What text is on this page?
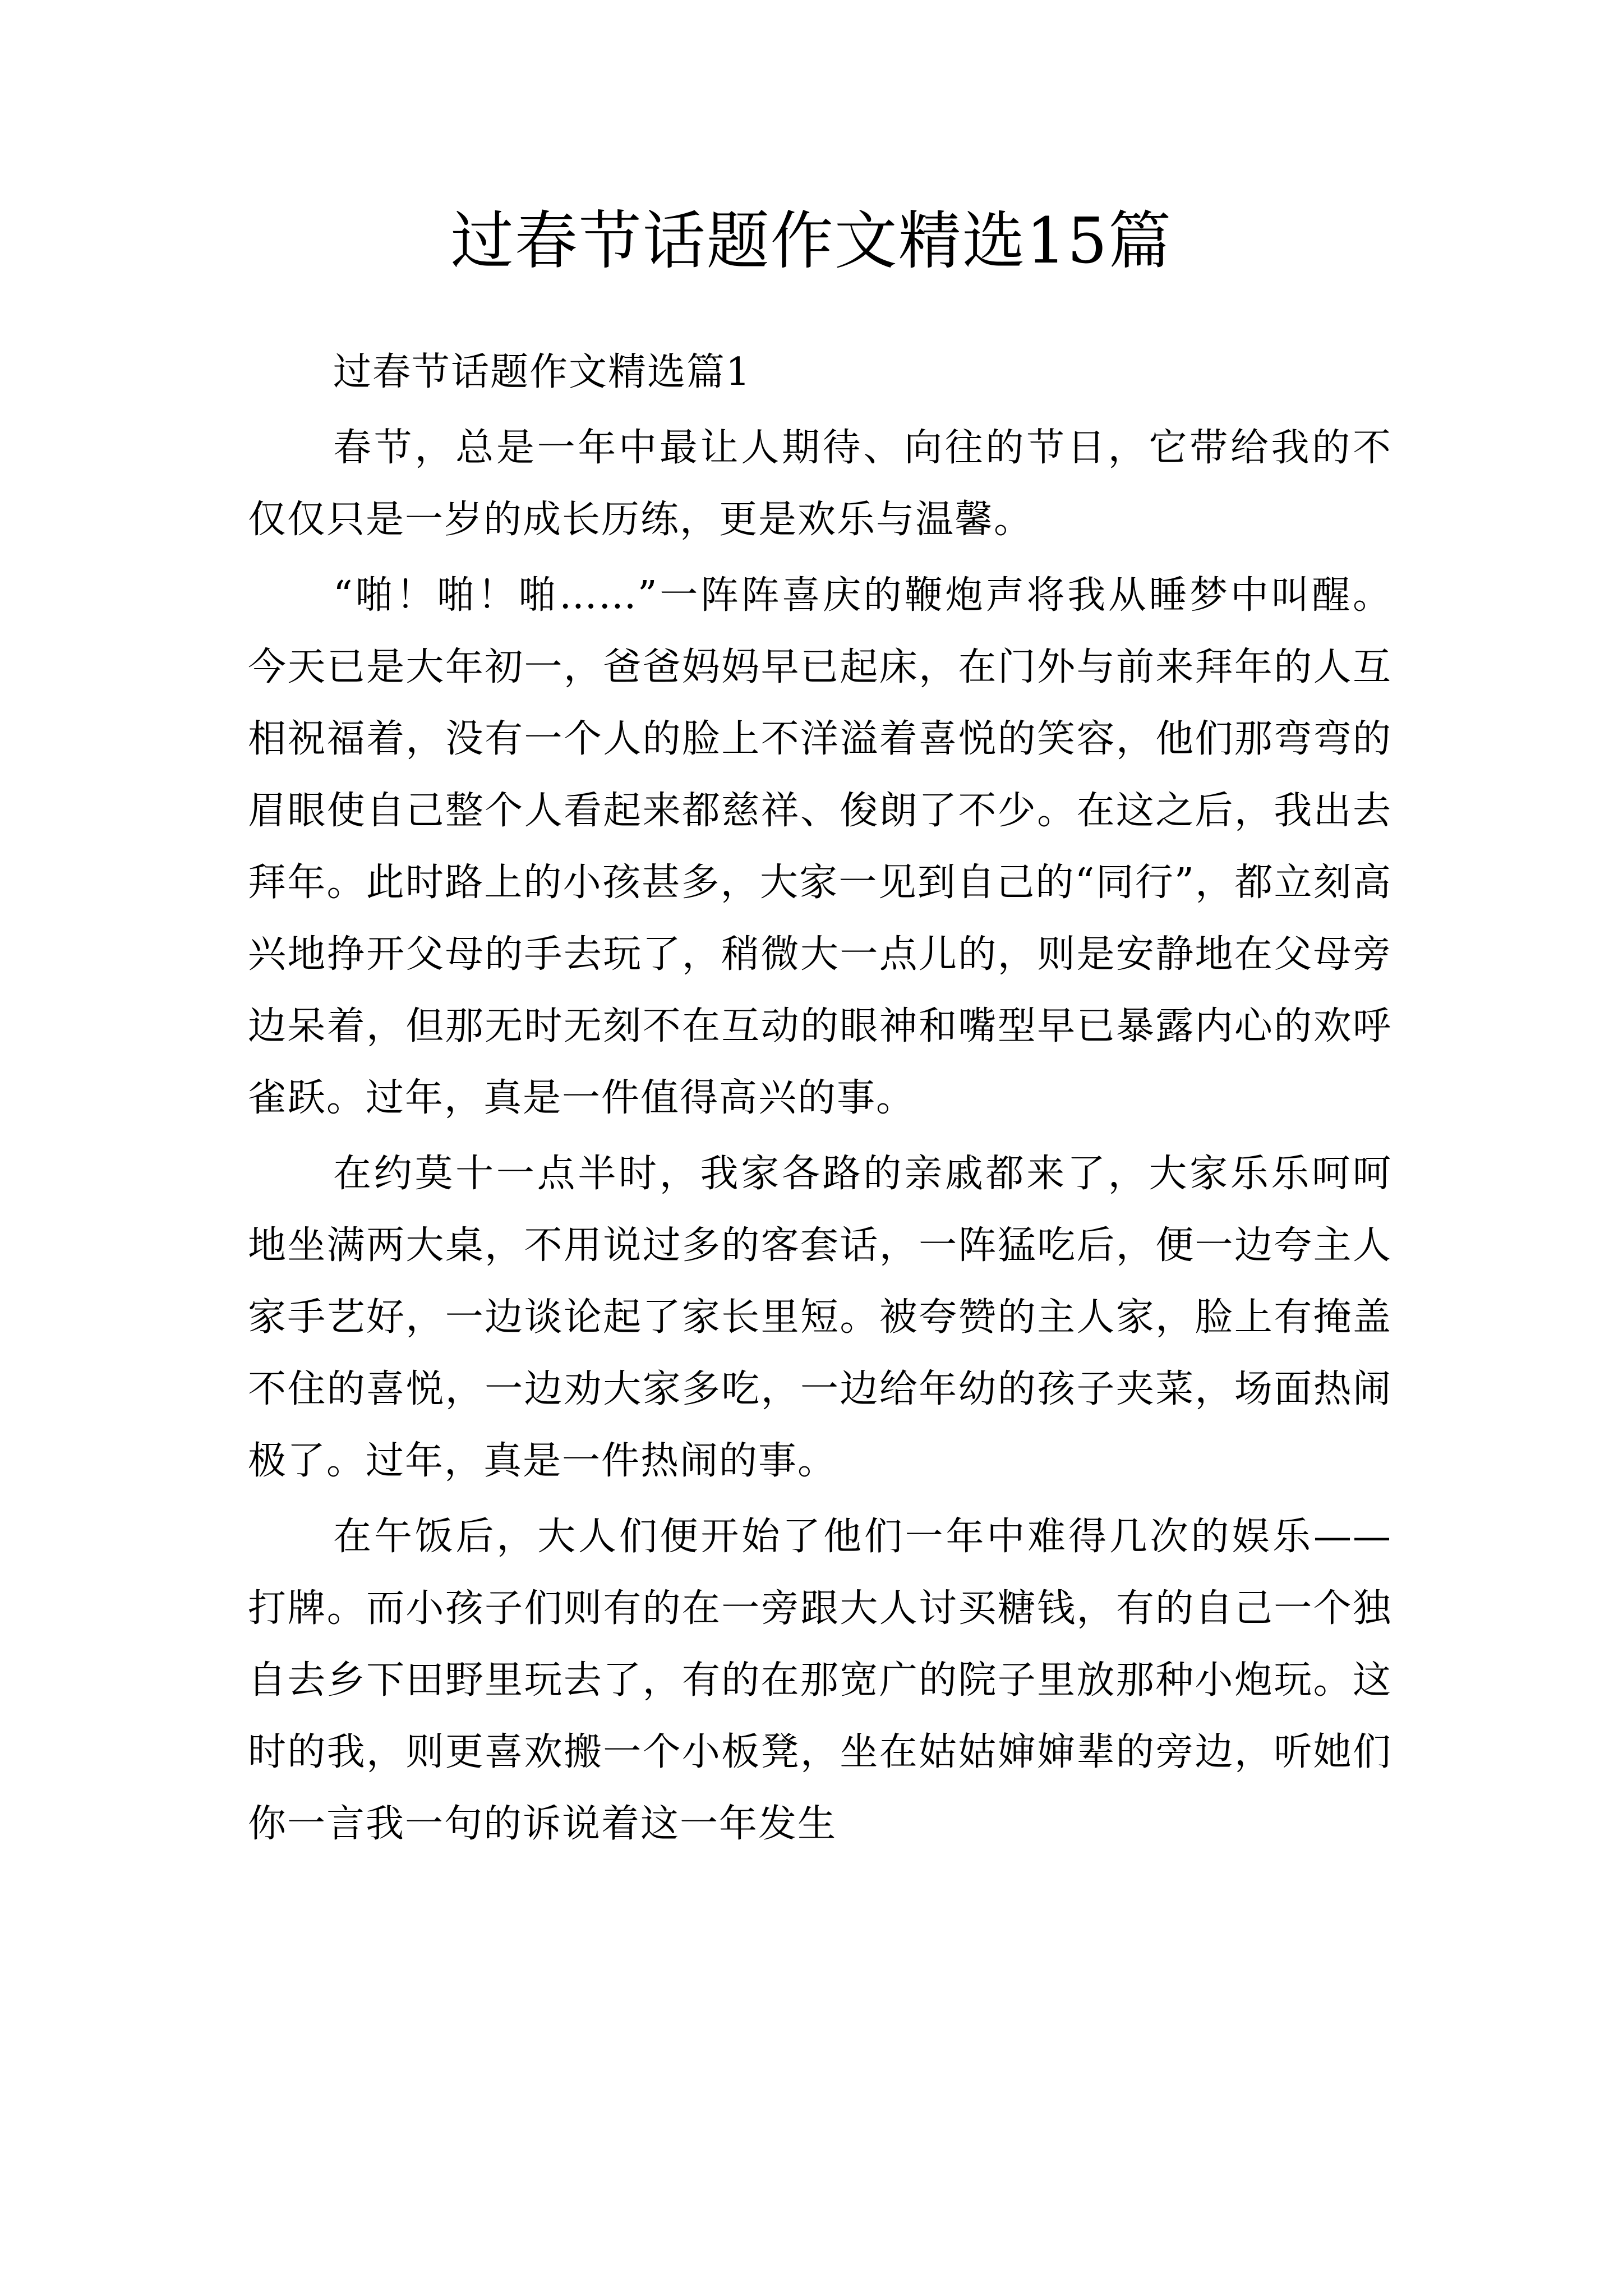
过春节话题作文精选15篇

过春节话题作文精选篇1

春节，总是一年中最让人期待、向往的节日，它带给我的不仅仅只是一岁的成长历练，更是欢乐与温馨。

“啪！啪！啪……”一阵阵喜庆的鞭炮声将我从睡梦中叫醒。今天已是大年初一，爸爸妈妈早已起床，在门外与前来拜年的人互相祝福着，没有一个人的脸上不洋溢着喜悦的笑容，他们那弯弯的眉眼使自己整个人看起来都慈祥、俊朗了不少。在这之后，我出去拜年。此时路上的小孩甚多，大家一见到自己的“同行”，都立刻高兴地挣开父母的手去玩了，稍微大一点儿的，则是安静地在父母旁边呆着，但那无时无刻不在互动的眼神和嘴型早已暴露内心的欢呼雀跃。过年，真是一件值得高兴的事。

在约莫十一点半时，我家各路的亲戚都来了，大家乐乐呵呵地坐满两大桌，不用说过多的客套话，一阵猛吃后，便一边夸主人家手艺好，一边谈论起了家长里短。被夸赞的主人家，脸上有掩盖不住的喜悦，一边劝大家多吃，一边给年幼的孩子夹菜，场面热闹极了。过年，真是一件热闹的事。

在午饭后，大人们便开始了他们一年中难得几次的娱乐——打牌。而小孩子们则有的在一旁跟大人讨买糖钱，有的自己一个独自去乡下田野里玩去了，有的在那宽广的院子里放那种小炮玩。这时的我，则更喜欢搬一个小板凳，坐在姑姑婶婶辈的旁边，听她们你一言我一句的诉说着这一年发生
